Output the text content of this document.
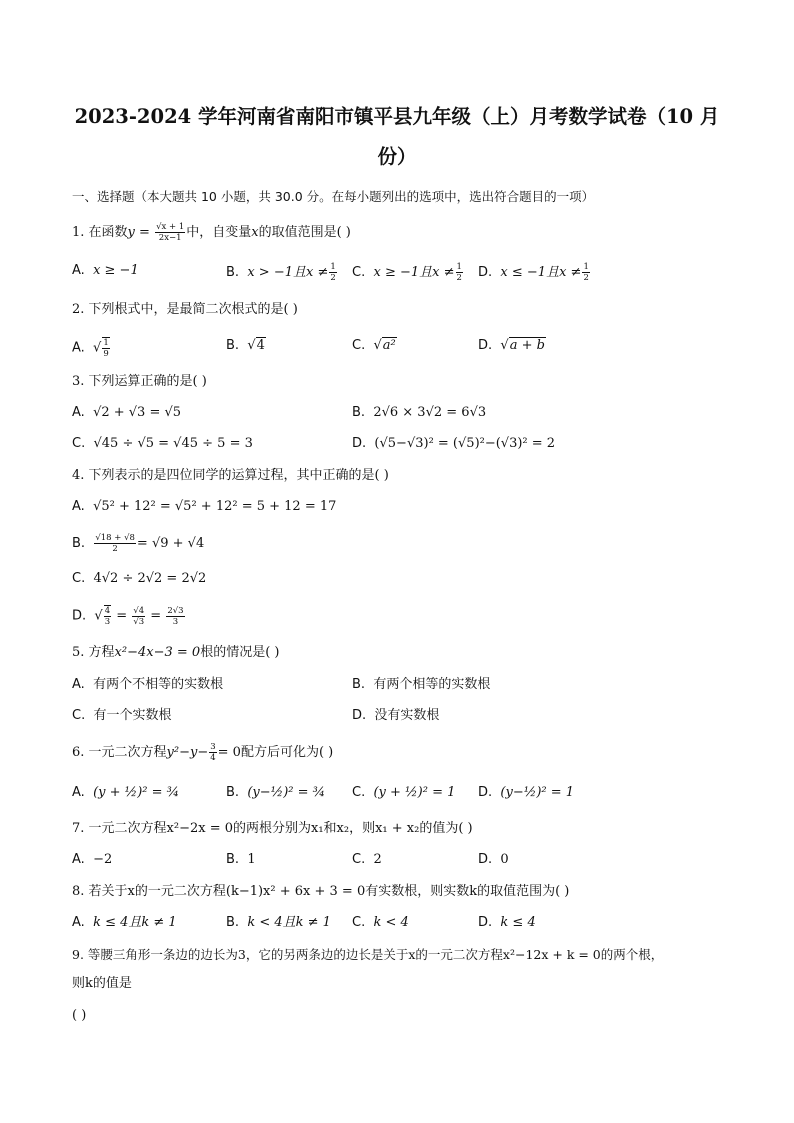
2023-2024 学年河南省南阳市镇平县九年级（上）月考数学试卷（10 月
份）
一、选择题（本大题共 10 小题，共 30.0 分。在每小题列出的选项中，选出符合题目的一项）
1. 在函数$y = \frac{√x + 1}{2x-1}$ 中，自变量x的取值范围是( )
A. x ≥ −1	B. x > −1且$x \ne \frac{1}{2} C$. x ≥ −1且$x \ne \frac{1}{2} D$. x ≤ −1且$x \ne \frac{1}{2}$
2. 下列根式中，是最简二次根式的是( )
A.  √ $\frac{1}{9}$	B.  √4	C.  √a²	D.  √a + b
3. 下列运算正确的是( )
A. √2 + √3 = √5	B. 2√6 × 3√2 = 6√3
C. √45 ÷ √5 = √45 ÷ 5 = 3	D. (√5−√3)² = (√5)²−(√3)² = 2
4. 下列表示的是四位同学的运算过程，其中正确的是( )
A. √5² + 12² = √5² + 12² = 5 + 12 = 17
B. $\frac{√18 + √8}{2} = √9 + √4$
C. 4√2 ÷ 2√2 = 2√2
D.  √ $\frac{4}{3} = \frac{√4}{√3} = \frac{2√3}{3}$
5. 方程x²−4x−3 = 0根的情况是( )
A. 有两个不相等的实数根	B. 有两个相等的实数根
C. 有一个实数根	D. 没有实数根
6. 一元二次方程$y^2-y- \frac{3}{4} = 0$配方后可化为( )
A. (y + ½)² = ¾	B. (y−½)² = ¾ C. (y + ½)² = 1 D. (y−½)² = 1
7. 一元二次方程x²−2x = 0的两根分别为x₁和x₂，则x₁ + x₂的值为( )
A. −2	B. 1	C. 2	D. 0
8. 若关于x的一元二次方程(k−1)x² + 6x + 3 = 0有实数根，则实数k的取值范围为( )
A. k ≤ 4且k ≠ 1	B. k < 4且k ≠ 1 C. k < 4	D. k ≤ 4
9. 等腰三角形一条边的边长为3，它的另两条边的边长是关于x的一元二次方程x²−12x + k = 0的两个根，
则k的值是
( )
